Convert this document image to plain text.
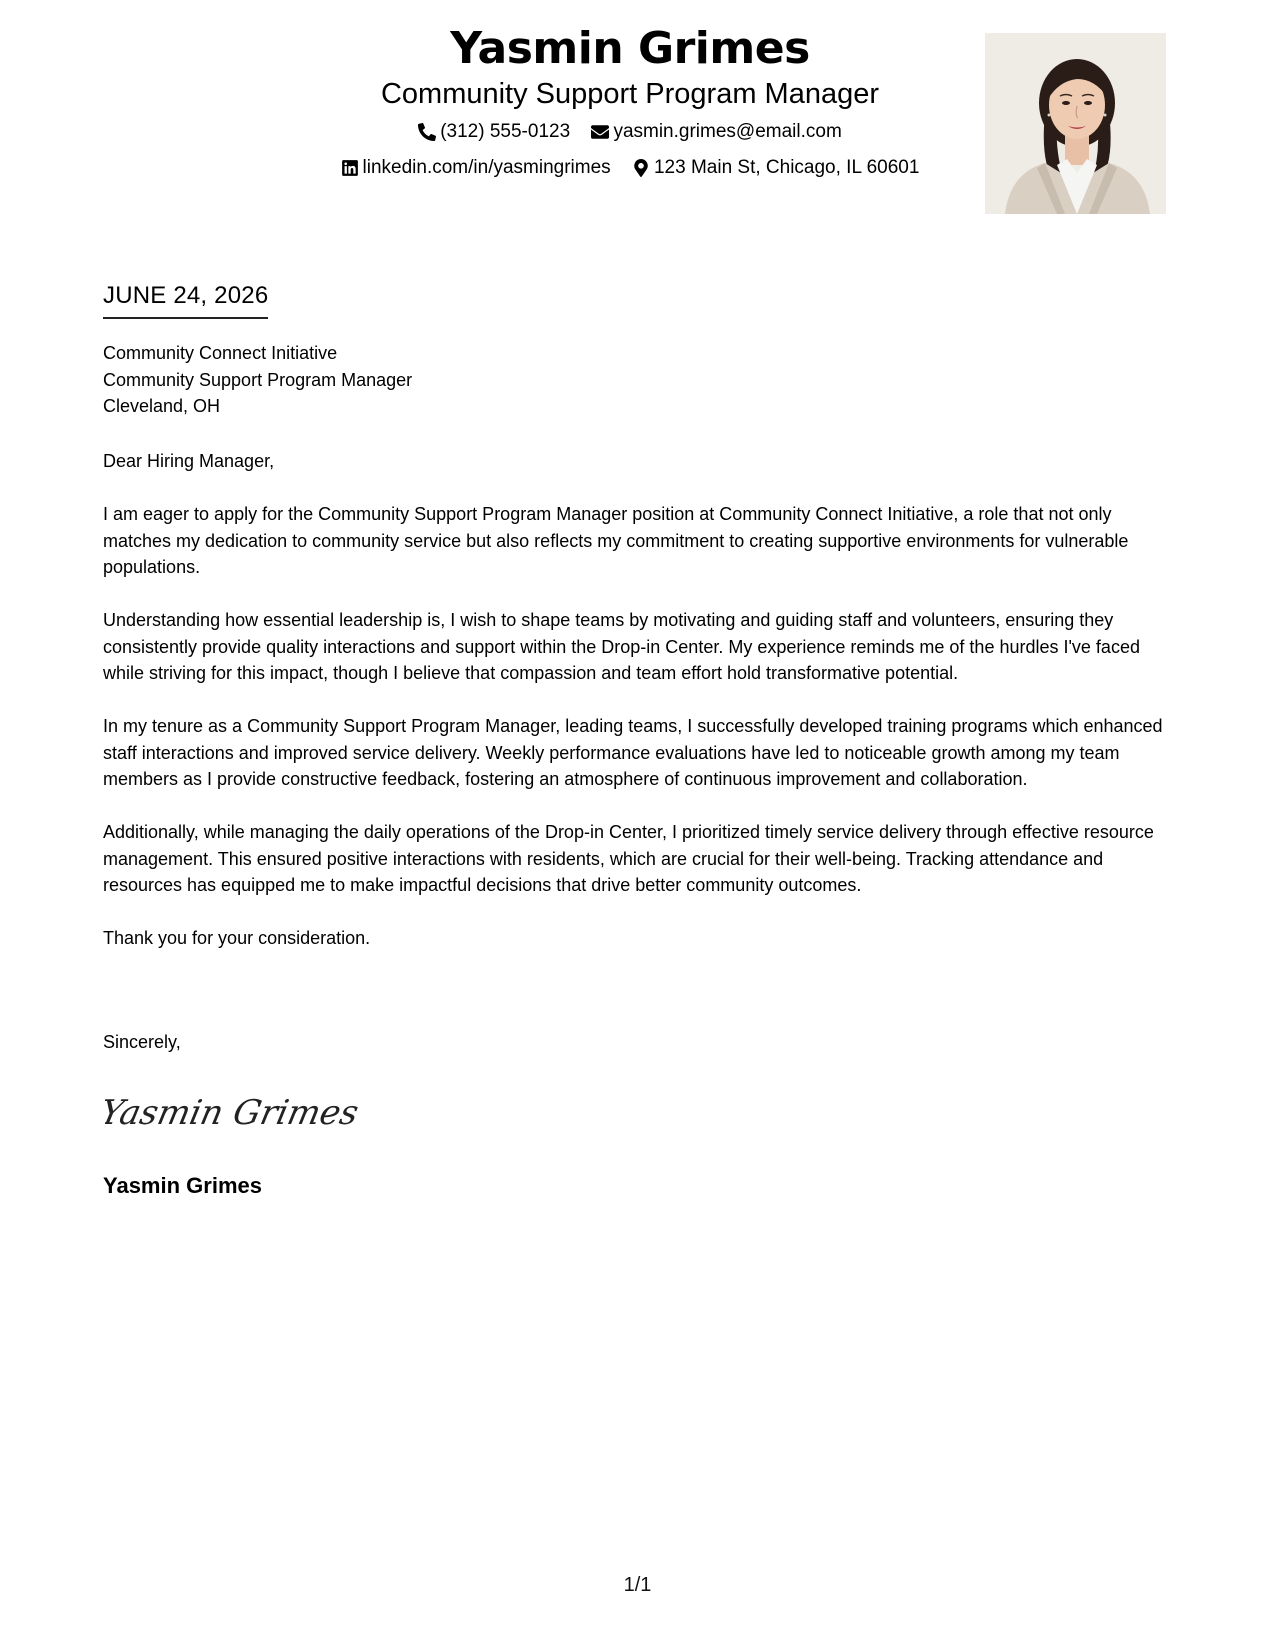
Yasmin Grimes
Community Support Program Manager
(312) 555-0123
yasmin.grimes@email.com
linkedin.com/in/yasmingrimes
123 Main St, Chicago, IL 60601
JUNE 24, 2026
Community Connect Initiative
Community Support Program Manager
Cleveland, OH

Dear Hiring Manager,

I am eager to apply for the Community Support Program Manager position at Community Connect Initiative, a role that not only matches my dedication to community service but also reflects my commitment to creating supportive environments for vulnerable populations.

Understanding how essential leadership is, I wish to shape teams by motivating and guiding staff and volunteers, ensuring they consistently provide quality interactions and support within the Drop-in Center. My experience reminds me of the hurdles I've faced while striving for this impact, though I believe that compassion and team effort hold transformative potential.

In my tenure as a Community Support Program Manager, leading teams, I successfully developed training programs which enhanced staff interactions and improved service delivery. Weekly performance evaluations have led to noticeable growth among my team members as I provide constructive feedback, fostering an atmosphere of continuous improvement and collaboration.

Additionally, while managing the daily operations of the Drop-in Center, I prioritized timely service delivery through effective resource management. This ensured positive interactions with residents, which are crucial for their well-being. Tracking attendance and resources has equipped me to make impactful decisions that drive better community outcomes.

Thank you for your consideration.

Sincerely,
Yasmin Grimes
Yasmin Grimes
1/1
